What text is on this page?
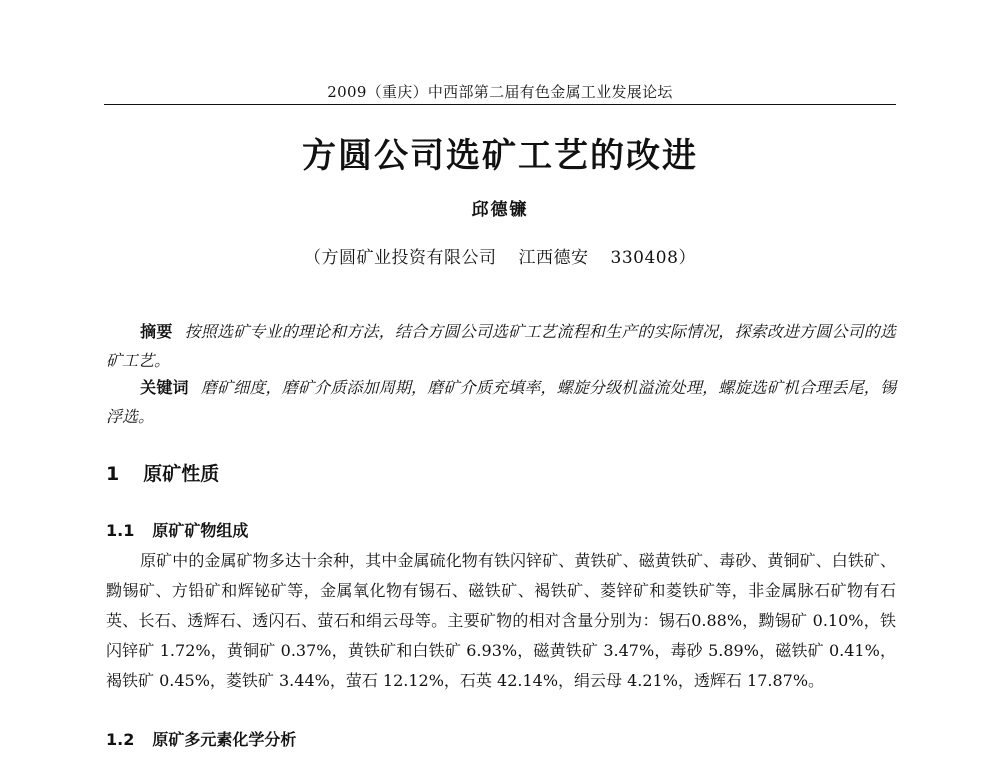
2009（重庆）中西部第二届有色金属工业发展论坛
方圆公司选矿工艺的改进
邱德镰
（方圆矿业投资有限公司 江西德安 330408）

摘要 按照选矿专业的理论和方法，结合方圆公司选矿工艺流程和生产的实际情况，探索改进方圆公司的选矿工艺。

关键词 磨矿细度，磨矿介质添加周期，磨矿介质充填率，螺旋分级机溢流处理，螺旋选矿机合理丢尾，锡浮选。

1 原矿性质
1.1 原矿矿物组成

原矿中的金属矿物多达十余种，其中金属硫化物有铁闪锌矿、黄铁矿、磁黄铁矿、毒砂、黄铜矿、白铁矿、黝锡矿、方铅矿和辉铋矿等，金属氧化物有锡石、磁铁矿、褐铁矿、菱锌矿和菱铁矿等，非金属脉石矿物有石英、长石、透辉石、透闪石、萤石和绢云母等。主要矿物的相对含量分别为：锡石0.88%，黝锡矿 0.10%，铁闪锌矿 1.72%，黄铜矿 0.37%，黄铁矿和白铁矿 6.93%，磁黄铁矿 3.47%，毒砂 5.89%，磁铁矿 0.41%，褐铁矿 0.45%，菱铁矿 3.44%，萤石 12.12%，石英 42.14%，绢云母 4.21%，透辉石 17.87%。

1.2 原矿多元素化学分析
